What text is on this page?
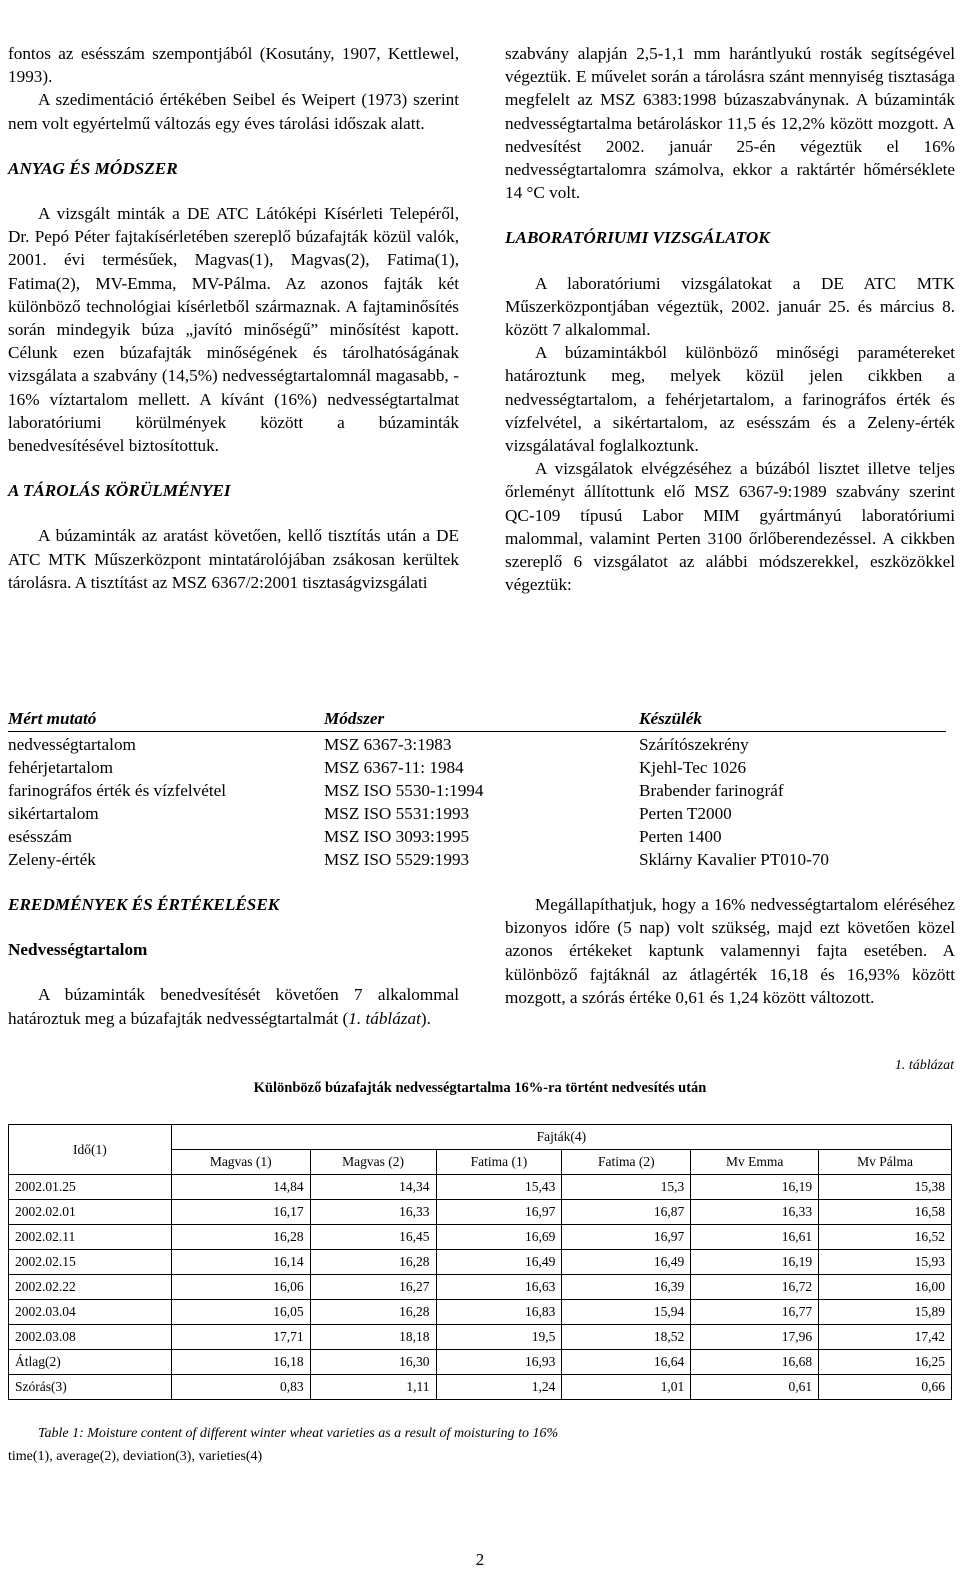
fontos az esésszám szempontjából (Kosutány, 1907, Kettlewel, 1993).

A szedimentáció értékében Seibel és Weipert (1973) szerint nem volt egyértelmű változás egy éves tárolási időszak alatt.

ANYAG ÉS MÓDSZER

A vizsgált minták a DE ATC Látóképi Kísérleti Telepéről, Dr. Pepó Péter fajtakísérletében szereplő búzafajták közül valók, 2001. évi termésűek, Magvas(1), Magvas(2), Fatima(1), Fatima(2), MV-Emma, MV-Pálma. Az azonos fajták két különböző technológiai kísérletből származnak. A fajtaminősítés során mindegyik búza „javító minőségű” minősítést kapott. Célunk ezen búzafajták minőségének és tárolhatóságának vizsgálata a szabvány (14,5%) nedvességtartalomnál magasabb, - 16% víztartalom mellett. A kívánt (16%) nedvességtartalmat laboratóriumi körülmények között a búzaminták benedvesítésével biztosítottuk.

A TÁROLÁS KÖRÜLMÉNYEI

A búzaminták az aratást követően, kellő tisztítás után a DE ATC MTK Műszerközpont mintatárolójában zsákosan kerültek tárolásra. A tisztítást az MSZ 6367/2:2001 tisztaságvizsgálati

szabvány alapján 2,5-1,1 mm harántlyukú rosták segítségével végeztük. E művelet során a tárolásra szánt mennyiség tisztasága megfelelt az MSZ 6383:1998 búzaszabványnak. A búzaminták nedvességtartalma betároláskor 11,5 és 12,2% között mozgott. A nedvesítést 2002. január 25-én végeztük el 16% nedvességtartalomra számolva, ekkor a raktártér hőmérséklete 14 °C volt.

LABORATÓRIUMI VIZSGÁLATOK

A laboratóriumi vizsgálatokat a DE ATC MTK Műszerközpontjában végeztük, 2002. január 25. és március 8. között 7 alkalommal.

A búzamintákból különböző minőségi paramétereket határoztunk meg, melyek közül jelen cikkben a nedvességtartalom, a fehérjetartalom, a farinográfos érték és vízfelvétel, a sikértartalom, az esésszám és a Zeleny-érték vizsgálatával foglalkoztunk.

A vizsgálatok elvégzéséhez a búzából lisztet illetve teljes őrleményt állítottunk elő MSZ 6367-9:1989 szabvány szerint QC-109 típusú Labor MIM gyártmányú laboratóriumi malommal, valamint Perten 3100 őrlőberendezéssel. A cikkben szereplő 6 vizsgálatot az alábbi módszerekkel, eszközökkel végeztük:

Mért mutató	Módszer	Készülék
nedvességtartalom	MSZ 6367-3:1983	Szárítószekrény
fehérjetartalom	MSZ 6367-11: 1984	Kjehl-Tec 1026
farinográfos érték és vízfelvétel	MSZ ISO 5530-1:1994	Brabender farinográf
sikértartalom	MSZ ISO 5531:1993	Perten T2000
esésszám	MSZ ISO 3093:1995	Perten 1400
Zeleny-érték	MSZ ISO 5529:1993	Sklárny Kavalier PT010-70

EREDMÉNYEK ÉS ÉRTÉKELÉSEK

Nedvességtartalom

A búzaminták benedvesítését követően 7 alkalommal határoztuk meg a búzafajták nedvességtartalmát (1. táblázat).

Megállapíthatjuk, hogy a 16% nedvességtartalom eléréséhez bizonyos időre (5 nap) volt szükség, majd ezt követően közel azonos értékeket kaptunk valamennyi fajta esetében. A különböző fajtáknál az átlagérték 16,18 és 16,93% között mozgott, a szórás értéke 0,61 és 1,24 között változott.

1. táblázat
Különböző búzafajták nedvességtartalma 16%-ra történt nedvesítés után
Idő(1)	Fajták(4)					
	Magvas (1)	Magvas (2)	Fatima (1)	Fatima (2)	Mv Emma	Mv Pálma
2002.01.25	14,84	14,34	15,43	15,3	16,19	15,38
2002.02.01	16,17	16,33	16,97	16,87	16,33	16,58
2002.02.11	16,28	16,45	16,69	16,97	16,61	16,52
2002.02.15	16,14	16,28	16,49	16,49	16,19	15,93
2002.02.22	16,06	16,27	16,63	16,39	16,72	16,00
2002.03.04	16,05	16,28	16,83	15,94	16,77	15,89
2002.03.08	17,71	18,18	19,5	18,52	17,96	17,42
Átlag(2)	16,18	16,30	16,93	16,64	16,68	16,25
Szórás(3)	0,83	1,11	1,24	1,01	0,61	0,66
Table 1: Moisture content of different winter wheat varieties as a result of moisturing to 16%
time(1), average(2), deviation(3), varieties(4)
2
